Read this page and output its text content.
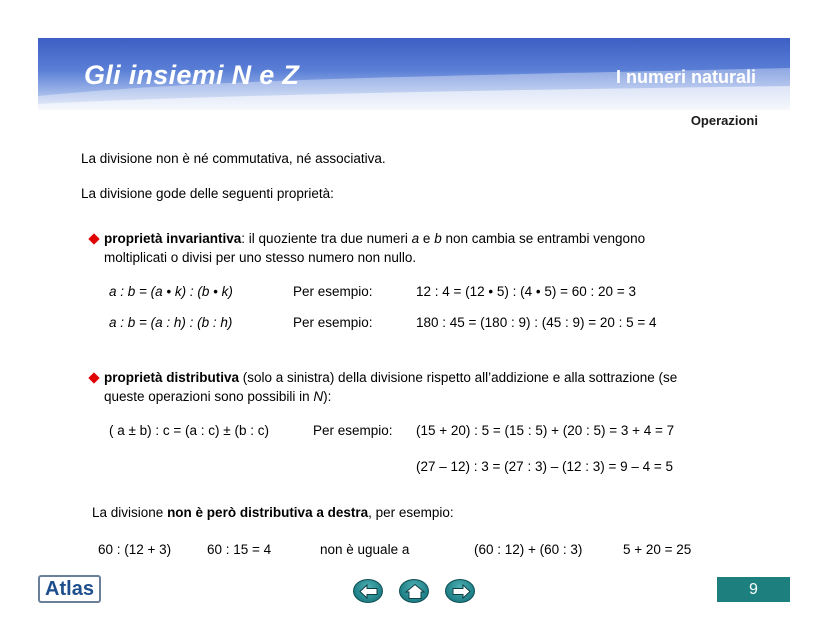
Gli insiemi N e Z	I numeri naturali
Operazioni
La divisione non è né commutativa, né associativa.
La divisione gode delle seguenti proprietà:
proprietà invariantiva: il quoziente tra due numeri a e b non cambia se entrambi vengono
moltiplicati o divisi per uno stesso numero non nullo.
a : b = (a • k) : (b • k)	Per esempio:	12 : 4 = (12 • 5) : (4 • 5) = 60 : 20 = 3
a : b = (a : h) : (b : h)	Per esempio:	180 : 45 = (180 : 9) : (45 : 9) = 20 : 5 = 4
proprietà distributiva (solo a sinistra) della divisione rispetto all’addizione e alla sottrazione (se
queste operazioni sono possibili in N):
( a ± b) : c = (a : c) ± (b : c)	Per esempio: (15 + 20) : 5 = (15 : 5) + (20 : 5) = 3 + 4 = 7
(27 – 12) : 3 = (27 : 3) – (12 : 3) = 9 – 4 = 5
La divisione non è però distributiva a destra, per esempio:
60 : (12 + 3)	60 : 15 = 4	non è uguale a	(60 : 12) + (60 : 3)	5 + 20 = 25
Atlas	9
